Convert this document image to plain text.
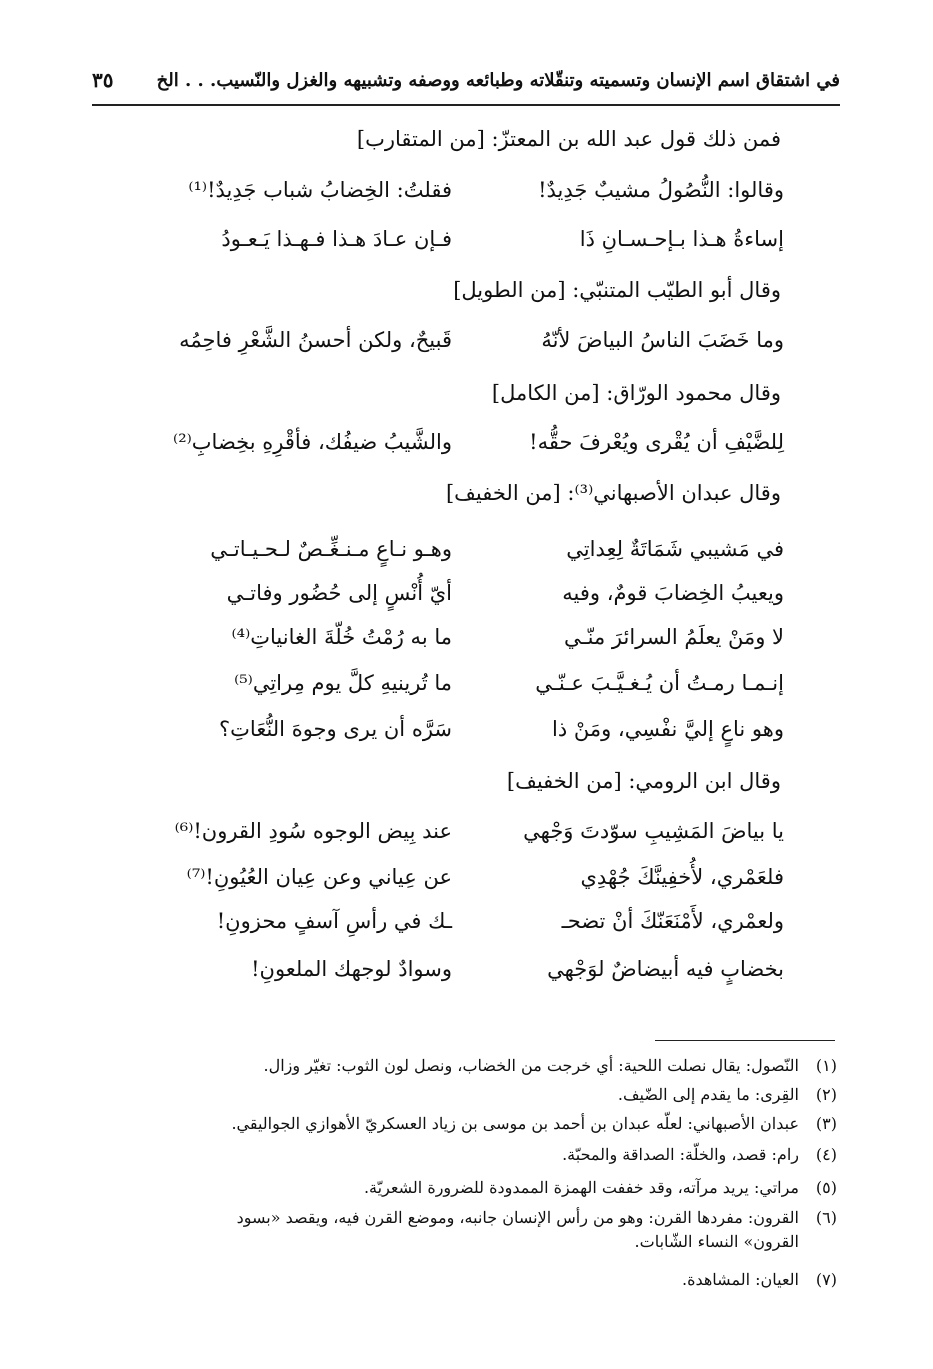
في اشتقاق اسم الإنسان وتسميته وتنقّلاته وطبائعه ووصفه وتشبيهه والغزل والنّسيب. . . الخ
٣٥
فمن ذلك قول عبد الله بن المعتزّ: [من المتقارب]
وقالوا: النُّصُولُ مشيبٌ جَدِيدٌ!
فقلتُ: الخِضابُ شباب جَدِيدٌ!⁽¹⁾
إساءةُ هـذا بـإحـسـانِ ذَا
فـإن عـادَ هـذا فـهـذا يَـعـودُ
وقال أبو الطيّب المتنبّي: [من الطويل]
وما خَضَبَ الناسُ البياضَ لأنّهُ
قَبيحٌ، ولكن أحسنُ الشَّعْرِ فاحِمُه
وقال محمود الورّاق: [من الكامل]
لِلضَّيْفِ أن يُقْرى ويُعْرفَ حقُّه!
والشَّيبُ ضيفُك، فأقْرِهِ بخِضابِ⁽²⁾
وقال عبدان الأصبهاني⁽³⁾: [من الخفيف]
في مَشيبي شَمَاتَةٌ لِعِداتِي
وهـو نـاعٍ مـنـغِّـصٌ لـحـيـاتـي
ويعيبُ الخِضابَ قومٌ، وفيه
أيّ أُنْسٍ إلى حُضُور وفاتـي
لا ومَنْ يعلَمُ السرائرَ منّـي
ما به رُمْتُ خُلّةَ الغانياتِ⁽⁴⁾
إنـمـا رمـتُ أن يُـغـيَّـبَ عـنّـي
ما تُرينيهِ كلَّ يوم مِراتِي⁽⁵⁾
وهو ناعٍ إليَّ نفْسِي، ومَنْ ذا
سَرَّه أن يرى وجوهَ النُّعَاتِ؟
وقال ابن الرومي: [من الخفيف]
يا بياضَ المَشِيبِ سوّدتَ وَجْهي
عند بِيض الوجوه سُودِ القرون!⁽⁶⁾
فلعَمْري، لأُخفِينَّكَ جُهْدِي
عن عِياني وعن عِيان العُيُونِ!⁽⁷⁾
ولعمْري، لأَمْنَعَنّكَ أنْ تضحـ
ـك في رأسِ آسفٍ محزونِ!
بخضابٍ فيه أبيضاضٌ لوَجْهي
وسوادٌ لوجهك الملعونِ!
(١)النّصول: يقال نصلت اللحية: أي خرجت من الخضاب، ونصل لون الثوب: تغيّر وزال.
(٢)القِرى: ما يقدم إلى الضّيف.
(٣)عبدان الأصبهاني: لعلّه عبدان بن أحمد بن موسى بن زياد العسكريّ الأهوازي الجواليقي.
(٤)رام: قصد، والخلّة: الصداقة والمحبّة.
(٥)مراتي: يريد مرآته، وقد خففت الهمزة الممدودة للضرورة الشعريّة.
(٦)القرون: مفردها القرن: وهو من رأس الإنسان جانبه، وموضع القرن فيه، ويقصد «بسود
القرون» النساء الشّابات.
(٧)العيان: المشاهدة.
